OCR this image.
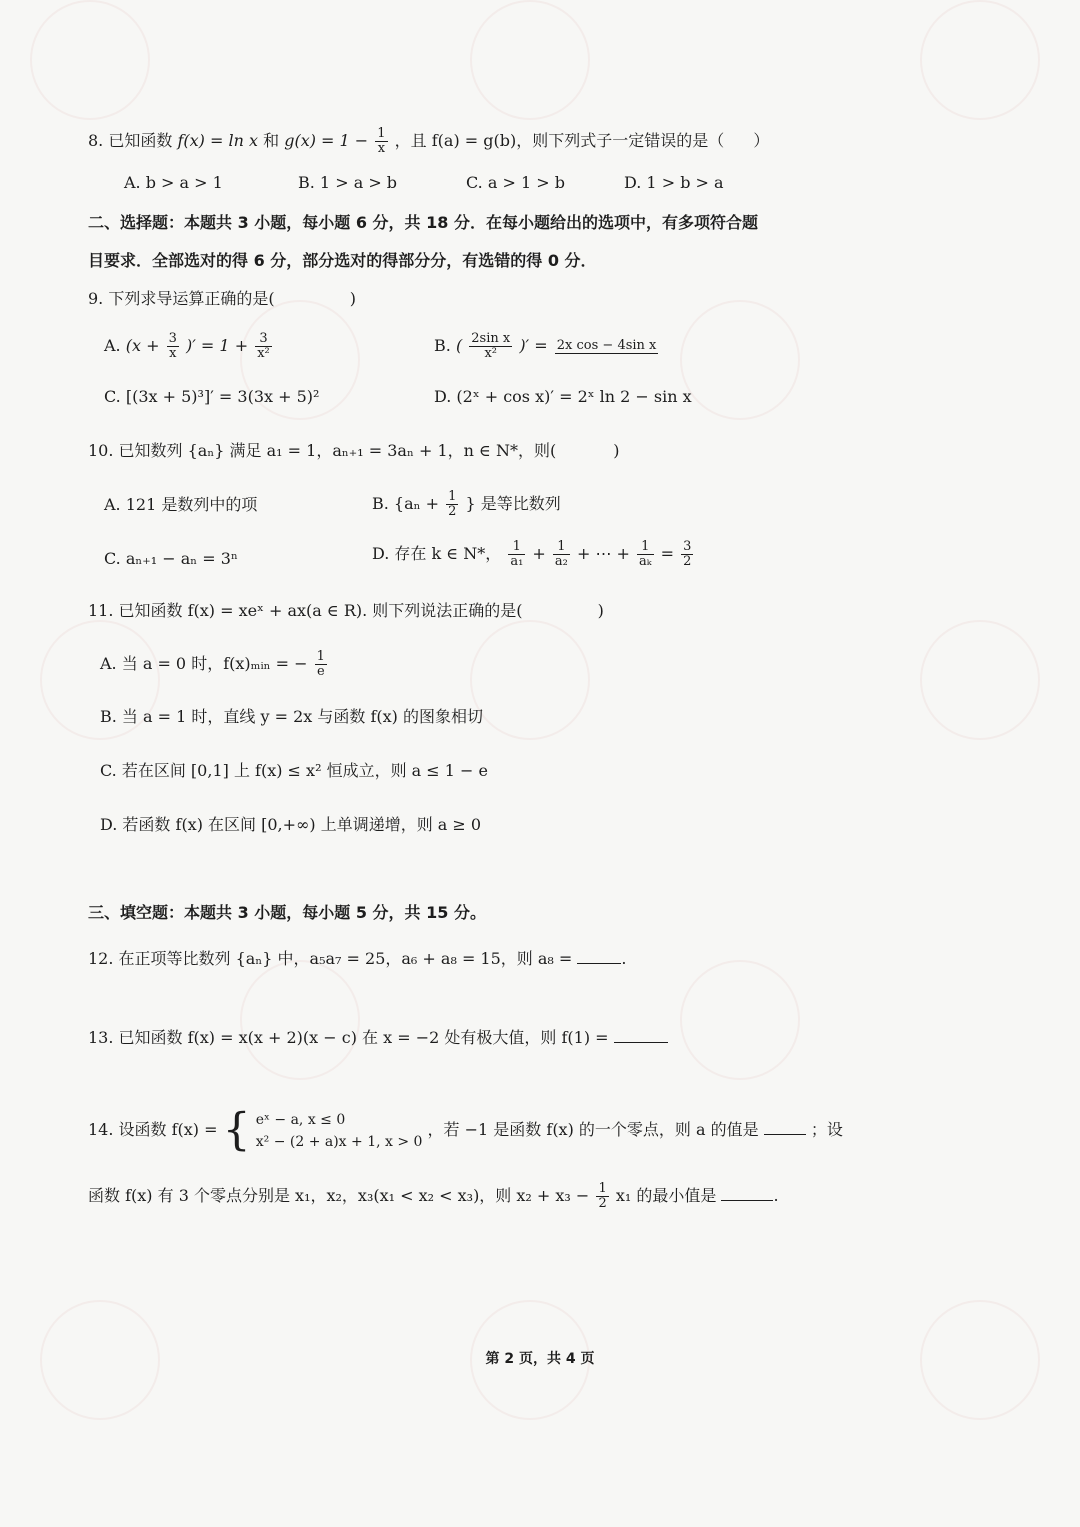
8. 已知函数 f(x) = ln x 和 $g(x) = 1 - \frac{1}{x}$ ，且 f(a) = g(b)，则下列式子一定错误的是（ ）
A. b > a > 1	B. 1 > a > b	C. a > 1 > b	D. 1 > b > a
二、选择题：本题共 3 小题，每小题 6 分，共 18 分．在每小题给出的选项中，有多项符合题
目要求．全部选对的得 6 分，部分选对的得部分分，有选错的得 0 分．
9. 下列求导运算正确的是(	)
A. ($x + \frac{3}{x}$ )′ = $1 + \frac{3}{\text{x²}}$	B. ( $\frac{\text{2sin x}}{\text{x²}}$ )′ = 2x cos − 4sin x
C. [(3x + 5)³]′ = 3(3x + 5)²	D. (2ˣ + cos x)′ = 2ˣ ln 2 − sin x
10. 已知数列 {aₙ} 满足 a₁ = 1，aₙ₊₁ = 3aₙ + 1，n ∈ N*，则(	)
A. 121 是数列中的项	B. {$a_n + \frac{1}{2}$ } 是等比数列
C. aₙ₊₁ − aₙ = 3ⁿ	D. 存在 k ∈ N*， $\frac{1}{\text{a₁}} + \frac{1}{\text{a₂}}$ + ⋯ + $\frac{1}{\text{aₖ}} = \frac{3}{2}$
11. 已知函数 f(x) = xeˣ + ax(a ∈ R). 则下列说法正确的是(	)
A. 当 a = 0 时，f(x)ₘᵢₙ = − $\frac{1}{e}$
B. 当 a = 1 时，直线 y = 2x 与函数 f(x) 的图象相切
C. 若在区间 [0,1] 上 f(x) ≤ x² 恒成立，则 a ≤ 1 − e
D. 若函数 f(x) 在区间 [0,+∞) 上单调递增，则 a ≥ 0
三、填空题：本题共 3 小题，每小题 5 分，共 15 分。
12. 在正项等比数列 {aₙ} 中，a₅a₇ = 25，a₆ + a₈ = 15，则 a₈ =	.
13. 已知函数 f(x) = x(x + 2)(x − c) 在 x = −2 处有极大值，则 f(1) =
14. 设函数 f(x) = { eˣ − a, x ≤ 0
x² − (2 + a)x + 1, x > 0
，若 −1 是函数 f(x) 的一个零点，则 a 的值是	；设
函数 f(x) 有 3 个零点分别是 x₁，x₂，x₃(x₁ < x₂ < x₃)，则 $x_2 + x_3 - \frac{1}{2} x_1$ 的最小值是	.
第 2 页，共 4 页
